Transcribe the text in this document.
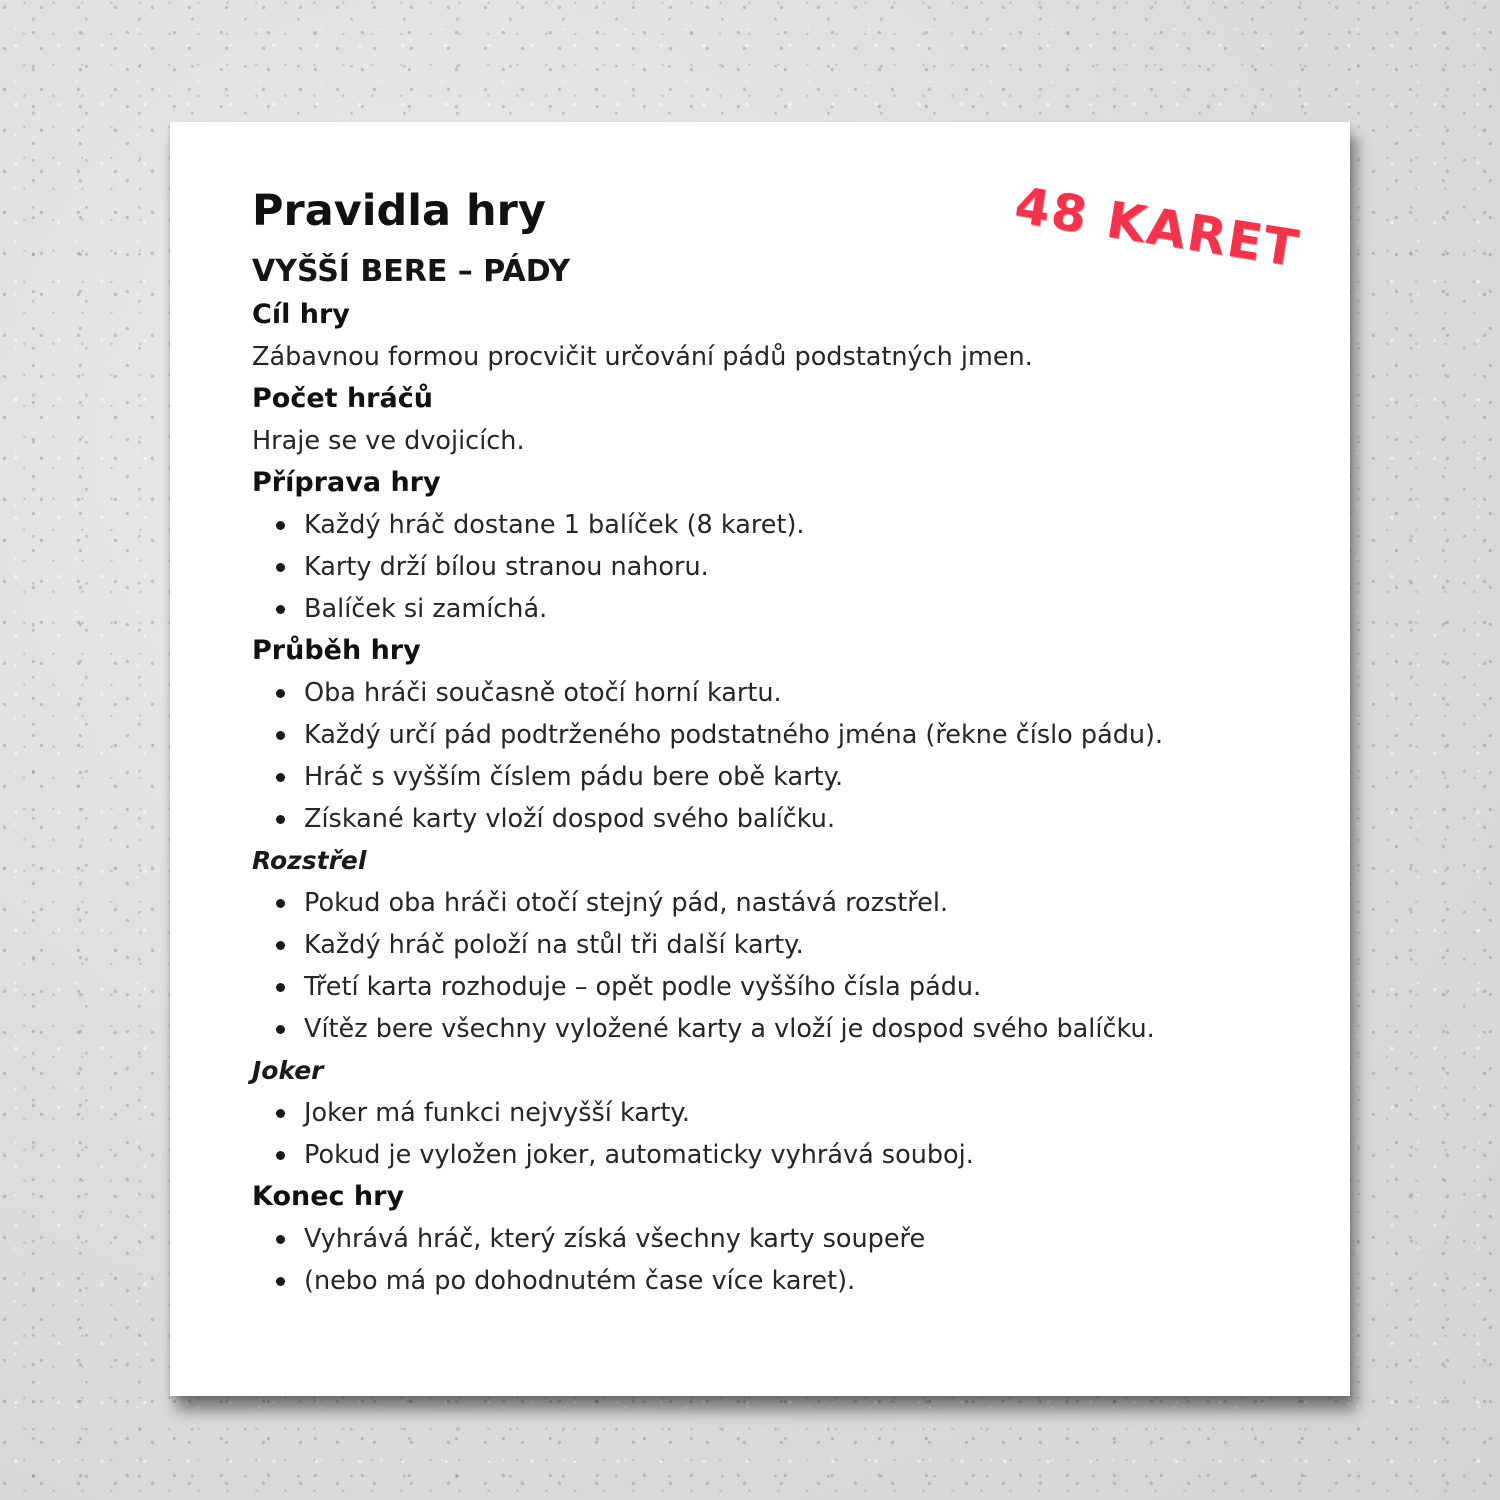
Pravidla hry
VYŠŠÍ BERE – PÁDY
Cíl hry

Zábavnou formou procvičit určování pádů podstatných jmen.

Počet hráčů

Hraje se ve dvojicích.

Příprava hry
Každý hráč dostane 1 balíček (8 karet).
Karty drží bílou stranou nahoru.
Balíček si zamíchá.
Průběh hry
Oba hráči současně otočí horní kartu.
Každý určí pád podtrženého podstatného jména (řekne číslo pádu).
Hráč s vyšším číslem pádu bere obě karty.
Získané karty vloží dospod svého balíčku.
Rozstřel
Pokud oba hráči otočí stejný pád, nastává rozstřel.
Každý hráč položí na stůl tři další karty.
Třetí karta rozhoduje – opět podle vyššího čísla pádu.
Vítěz bere všechny vyložené karty a vloží je dospod svého balíčku.
Joker
Joker má funkci nejvyšší karty.
Pokud je vyložen joker, automaticky vyhrává souboj.
Konec hry
Vyhrává hráč, který získá všechny karty soupeře
(nebo má po dohodnutém čase více karet).
48 KARET
